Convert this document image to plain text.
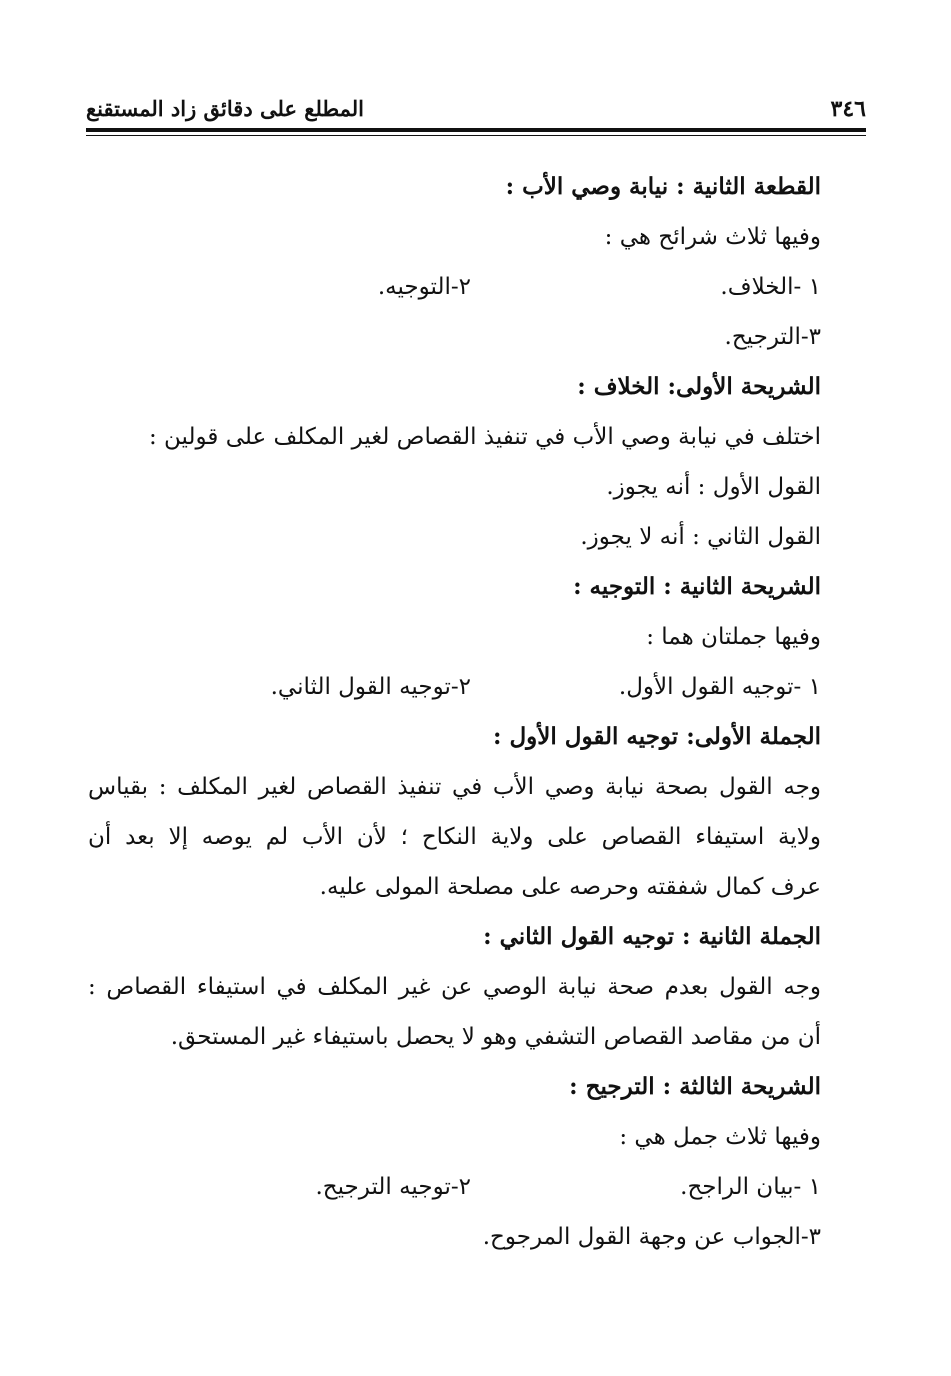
٣٤٦
المطلع على دقائق زاد المستقنع
القطعة الثانية : نيابة وصي الأب :
وفيها ثلاث شرائح هي :
١ -الخلاف.
٢-التوجيه.
٣-الترجيح.
الشريحة الأولى: الخلاف :
اختلف في نيابة وصي الأب في تنفيذ القصاص لغير المكلف على قولين :
القول الأول : أنه يجوز.
القول الثاني : أنه لا يجوز.
الشريحة الثانية : التوجيه :
وفيها جملتان هما :
١ -توجيه القول الأول.
٢-توجيه القول الثاني.
الجملة الأولى: توجيه القول الأول :
وجه القول بصحة نيابة وصي الأب في تنفيذ القصاص لغير المكلف : بقياس
ولاية استيفاء القصاص على ولاية النكاح ؛ لأن الأب لم يوصه إلا بعد أن
عرف كمال شفقته وحرصه على مصلحة المولى عليه.
الجملة الثانية : توجيه القول الثاني :
وجه القول بعدم صحة نيابة الوصي عن غير المكلف في استيفاء القصاص :
أن من مقاصد القصاص التشفي وهو لا يحصل باستيفاء غير المستحق.
الشريحة الثالثة : الترجيح :
وفيها ثلاث جمل هي :
١ -بيان الراجح.
٢-توجيه الترجيح.
٣-الجواب عن وجهة القول المرجوح.
